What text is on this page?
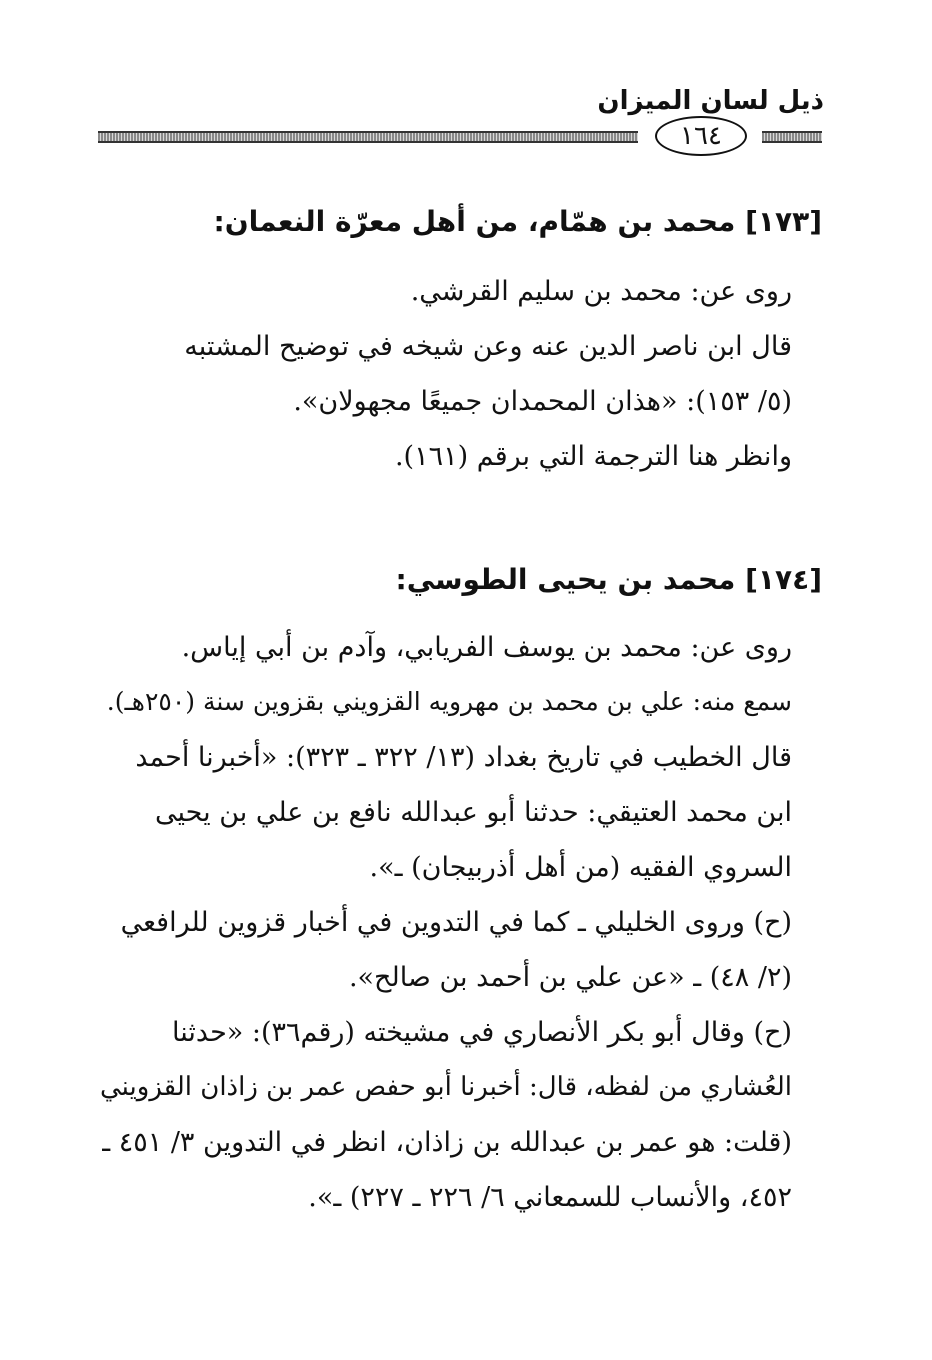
ذيل لسان الميزان
١٦٤
[١٧٣] محمد بن همّام، من أهل معرّة النعمان:
روى عن: محمد بن سليم القرشي.
قال ابن ناصر الدين عنه وعن شيخه في توضيح المشتبه
(٥/ ١٥٣): «هذان المحمدان جميعًا مجهولان».
وانظر هنا الترجمة التي برقم (١٦١).
[١٧٤] محمد بن يحيى الطوسي:
روى عن: محمد بن يوسف الفريابي، وآدم بن أبي إياس.
سمع منه: علي بن محمد بن مهرويه القزويني بقزوين سنة (٢٥٠هـ).
قال الخطيب في تاريخ بغداد (١٣/ ٣٢٢ ـ ٣٢٣): «أخبرنا أحمد
ابن محمد العتيقي: حدثنا أبو عبدالله نافع بن علي بن يحيى
السروي الفقيه (من أهل أذربيجان) ـ».
(ح) وروى الخليلي ـ كما في التدوين في أخبار قزوين للرافعي
(٢/ ٤٨) ـ «عن علي بن أحمد بن صالح».
(ح) وقال أبو بكر الأنصاري في مشيخته (رقم٣٦): «حدثنا
العُشاري من لفظه، قال: أخبرنا أبو حفص عمر بن زاذان القزويني
(قلت: هو عمر بن عبدالله بن زاذان، انظر في التدوين ٣/ ٤٥١ ـ
٤٥٢، والأنساب للسمعاني ٦/ ٢٢٦ ـ ٢٢٧) ـ».
